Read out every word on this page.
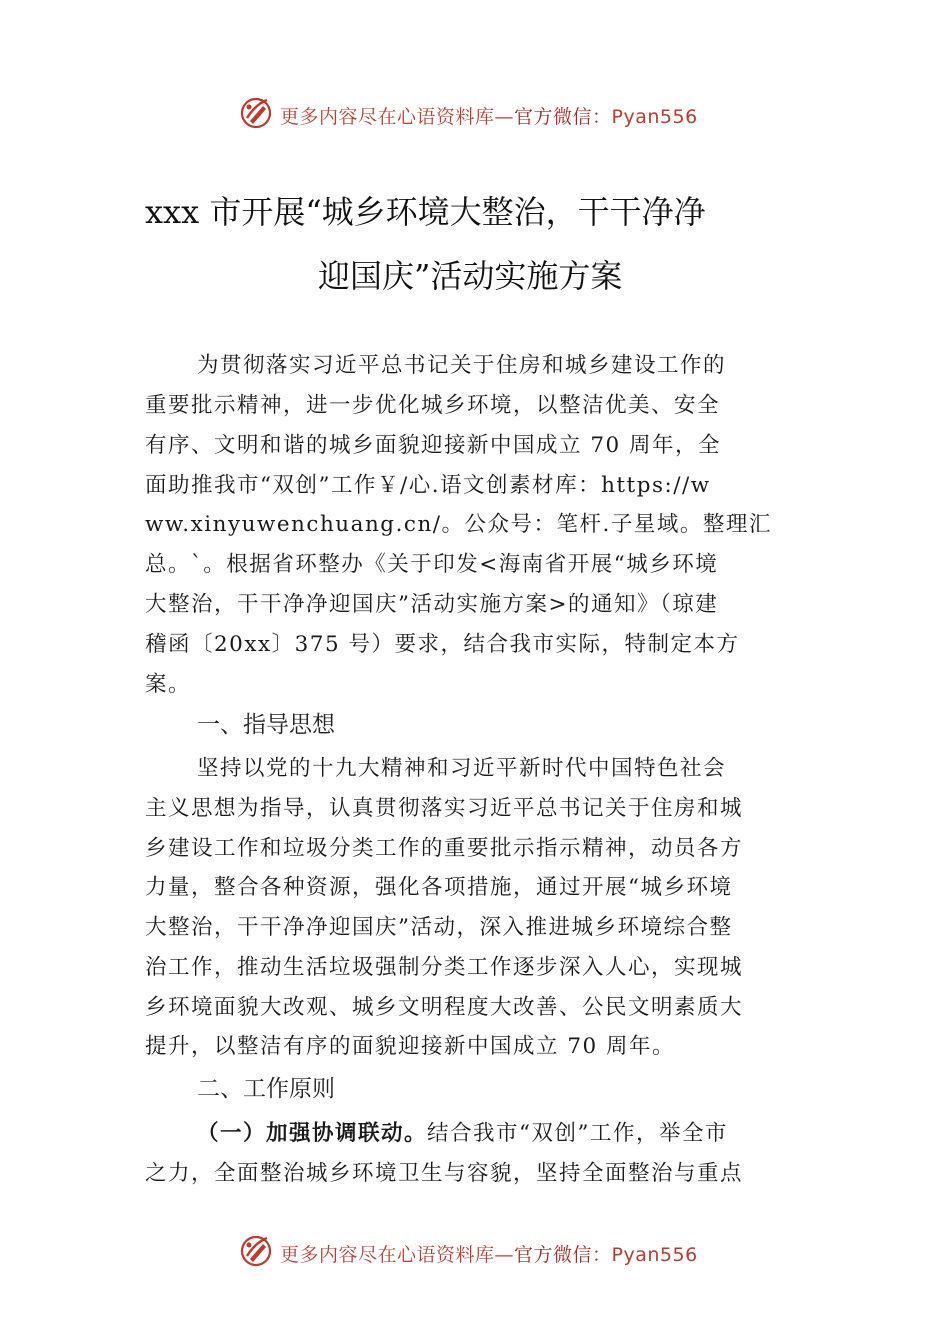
更多内容尽在心语资料库—官方微信：Pyan556
xxx 市开展“城乡环境大整治，干干净净
迎国庆”活动实施方案
为贯彻落实习近平总书记关于住房和城乡建设工作的
重要批示精神，进一步优化城乡环境，以整洁优美、安全
有序、文明和谐的城乡面貌迎接新中国成立 70 周年，全
面助推我市“双创”工作￥/心.语文创素材库：https://w
ww.xinyuwenchuang.cn/。公众号：笔杆.子星域。整理汇
总。`。根据省环整办《关于印发<海南省开展“城乡环境
大整治，干干净净迎国庆”活动实施方案>的通知》（琼建
稽函〔20xx〕375 号）要求，结合我市实际，特制定本方
案。
一、指导思想
坚持以党的十九大精神和习近平新时代中国特色社会
主义思想为指导，认真贯彻落实习近平总书记关于住房和城
乡建设工作和垃圾分类工作的重要批示指示精神，动员各方
力量，整合各种资源，强化各项措施，通过开展“城乡环境
大整治，干干净净迎国庆”活动，深入推进城乡环境综合整
治工作，推动生活垃圾强制分类工作逐步深入人心，实现城
乡环境面貌大改观、城乡文明程度大改善、公民文明素质大
提升，以整洁有序的面貌迎接新中国成立 70 周年。
二、工作原则
（一）加强协调联动。结合我市“双创”工作，举全市
之力，全面整治城乡环境卫生与容貌，坚持全面整治与重点
更多内容尽在心语资料库—官方微信：Pyan556
